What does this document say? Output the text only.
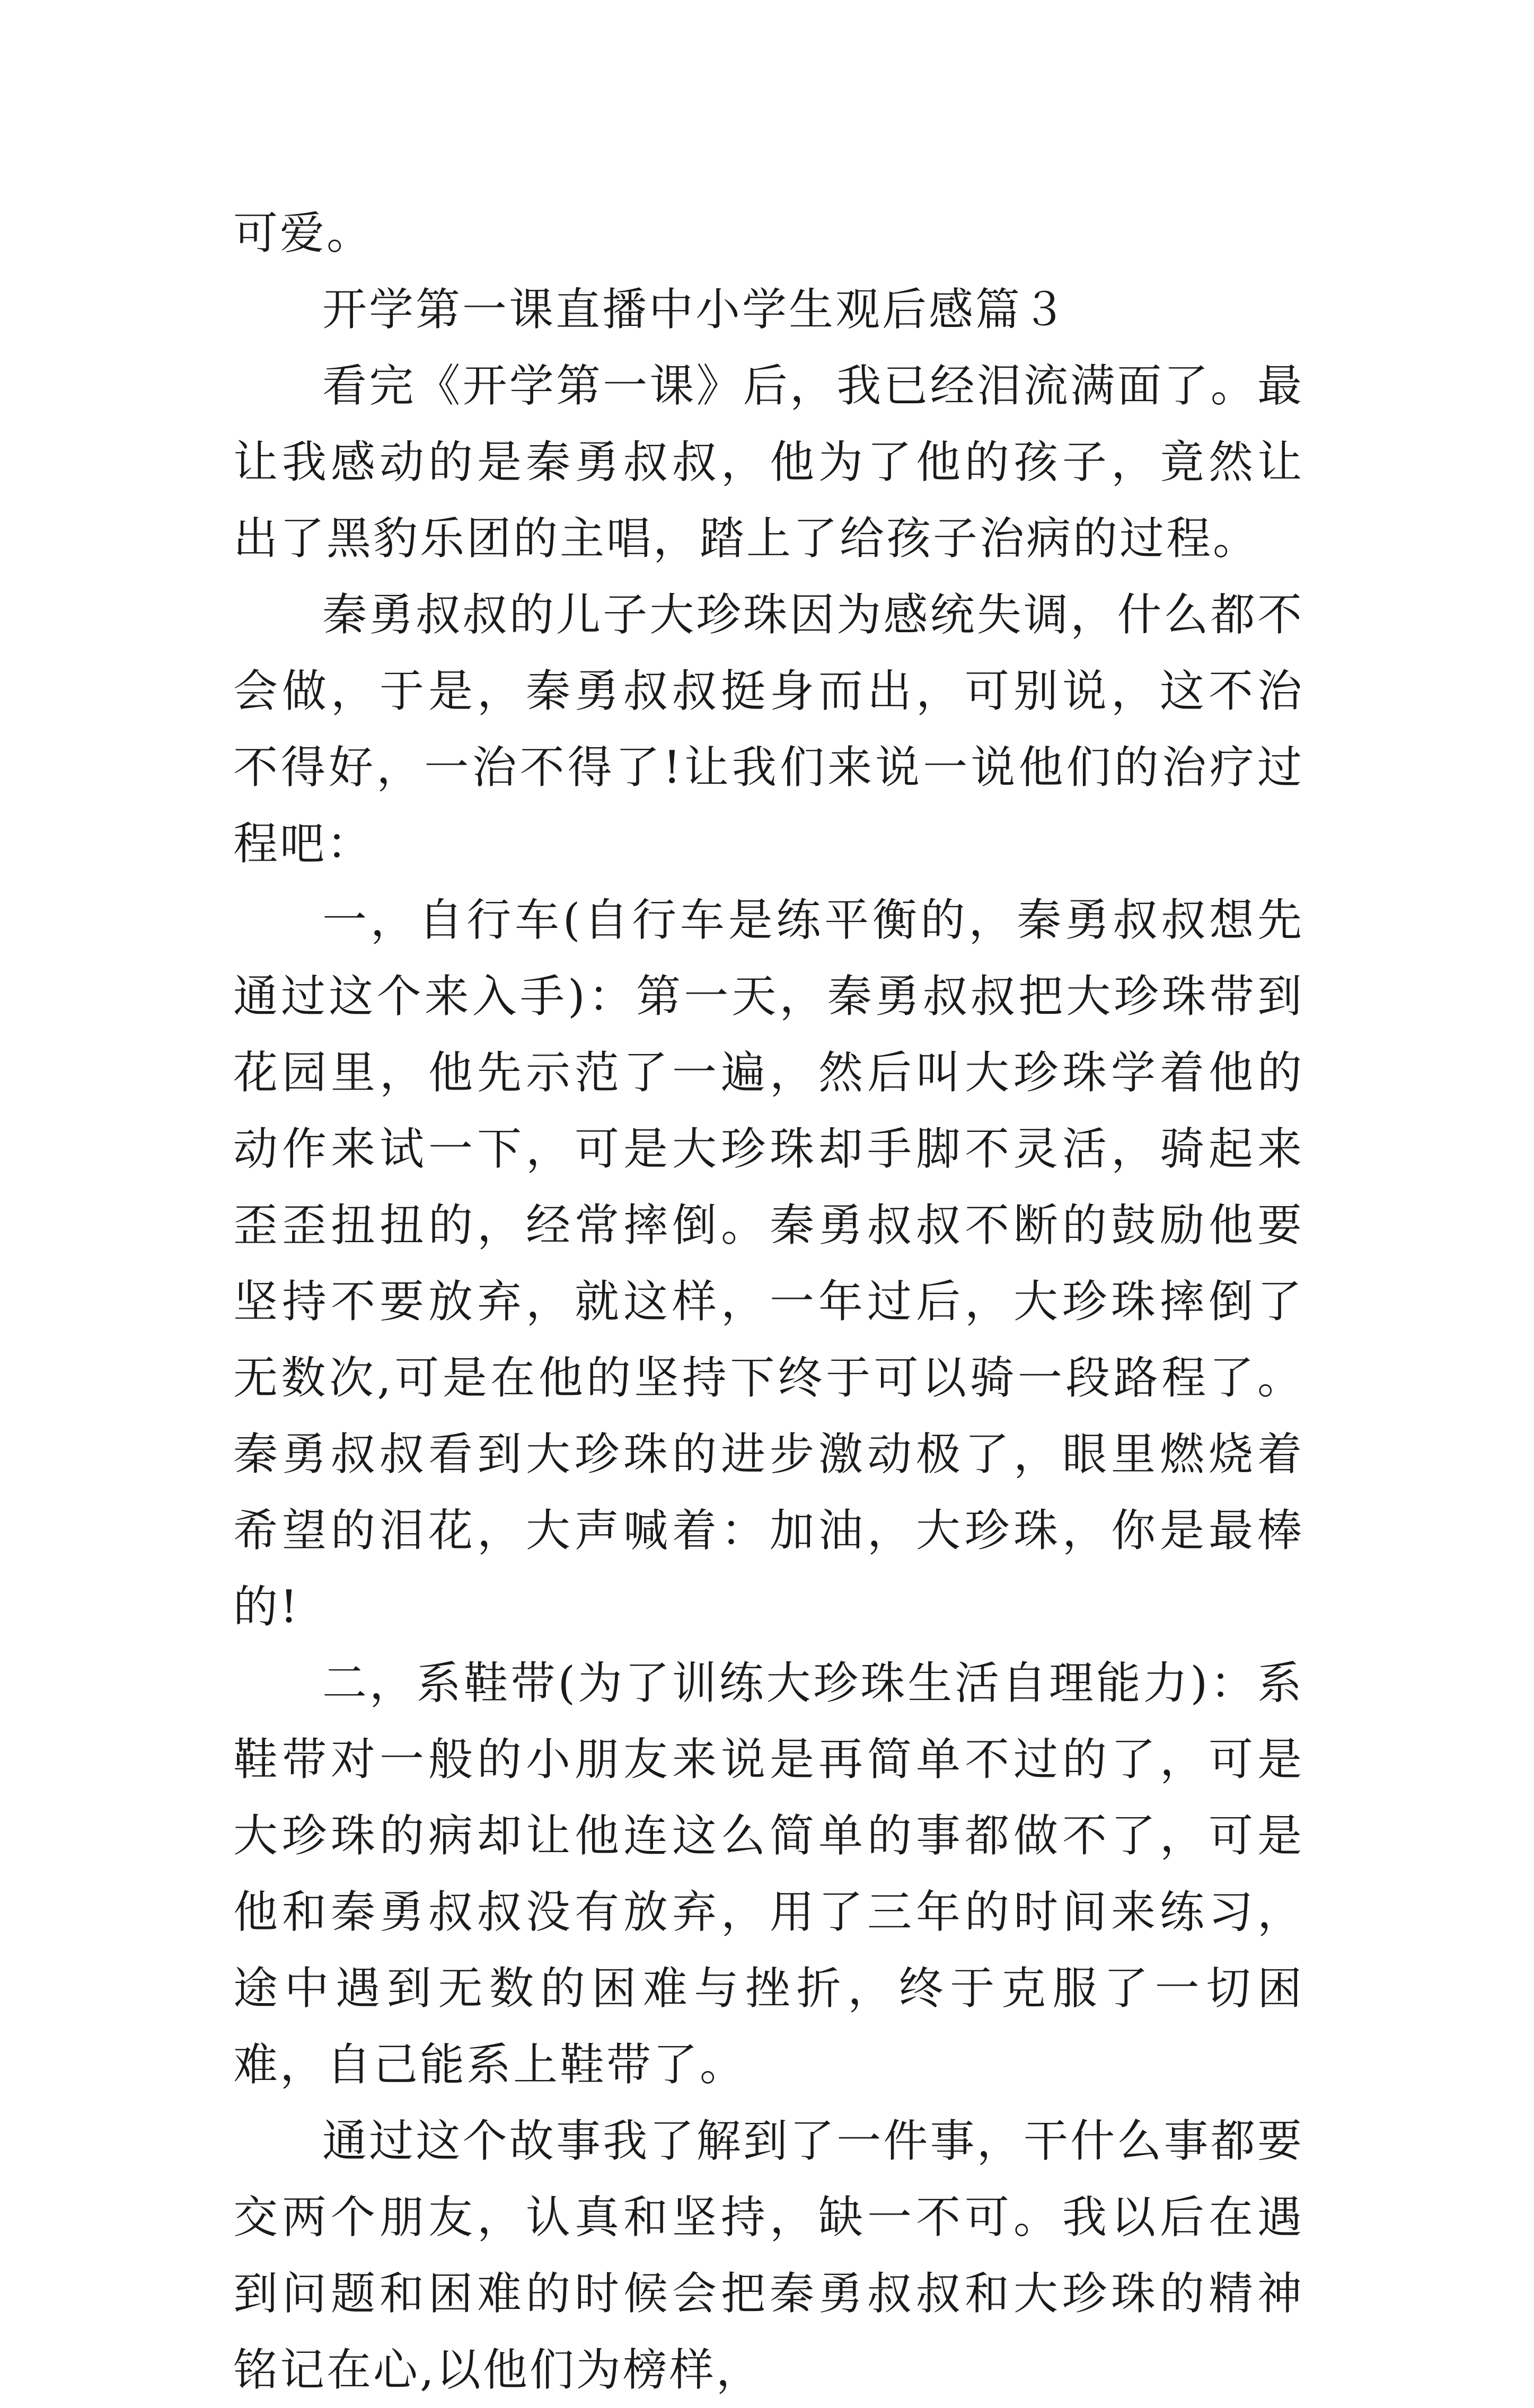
可爱。

开学第一课直播中小学生观后感篇３

看完《开学第一课》后，我已经泪流满面了。最让我感动的是秦勇叔叔，他为了他的孩子，竟然让出了黑豹乐团的主唱，踏上了给孩子治病的过程。

秦勇叔叔的儿子大珍珠因为感统失调，什么都不会做，于是，秦勇叔叔挺身而出，可别说，这不治不得好，一治不得了!让我们来说一说他们的治疗过程吧：

一，自行车(自行车是练平衡的，秦勇叔叔想先通过这个来入手)：第一天，秦勇叔叔把大珍珠带到花园里，他先示范了一遍，然后叫大珍珠学着他的动作来试一下，可是大珍珠却手脚不灵活，骑起来歪歪扭扭的，经常摔倒。秦勇叔叔不断的鼓励他要坚持不要放弃，就这样，一年过后，大珍珠摔倒了无数次,可是在他的坚持下终于可以骑一段路程了。秦勇叔叔看到大珍珠的进步激动极了，眼里燃烧着希望的泪花，大声喊着：加油，大珍珠，你是最棒的!

二，系鞋带(为了训练大珍珠生活自理能力)：系鞋带对一般的小朋友来说是再简单不过的了，可是大珍珠的病却让他连这么简单的事都做不了，可是他和秦勇叔叔没有放弃，用了三年的时间来练习，途中遇到无数的困难与挫折，终于克服了一切困难，自己能系上鞋带了。

通过这个故事我了解到了一件事，干什么事都要交两个朋友，认真和坚持，缺一不可。我以后在遇到问题和困难的时候会把秦勇叔叔和大珍珠的精神铭记在心,以他们为榜样，
